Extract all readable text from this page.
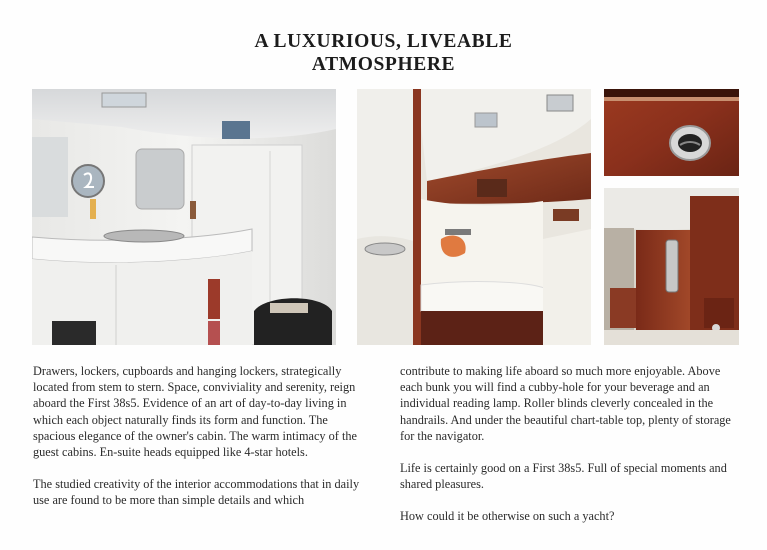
A LUXURIOUS, LIVEABLE
ATMOSPHERE

Drawers, lockers, cupboards and hanging lockers, strategically located from stem to stern. Space, conviviality and serenity, reign aboard the First 38s5. Evidence of an art of day-to-day living in which each object naturally finds its form and function. The spacious elegance of the owner's cabin. The warm intimacy of the guest cabins. En-suite heads equipped like 4-star hotels.

The studied creativity of the interior accommodations that in daily use are found to be more than simple details and which

contribute to making life aboard so much more enjoyable. Above each bunk you will find a cubby-hole for your beverage and an individual reading lamp. Roller blinds cleverly concealed in the handrails. And under the beautiful chart-table top, plenty of storage for the navigator.

Life is certainly good on a First 38s5. Full of special moments and shared pleasures.

How could it be otherwise on such a yacht?
